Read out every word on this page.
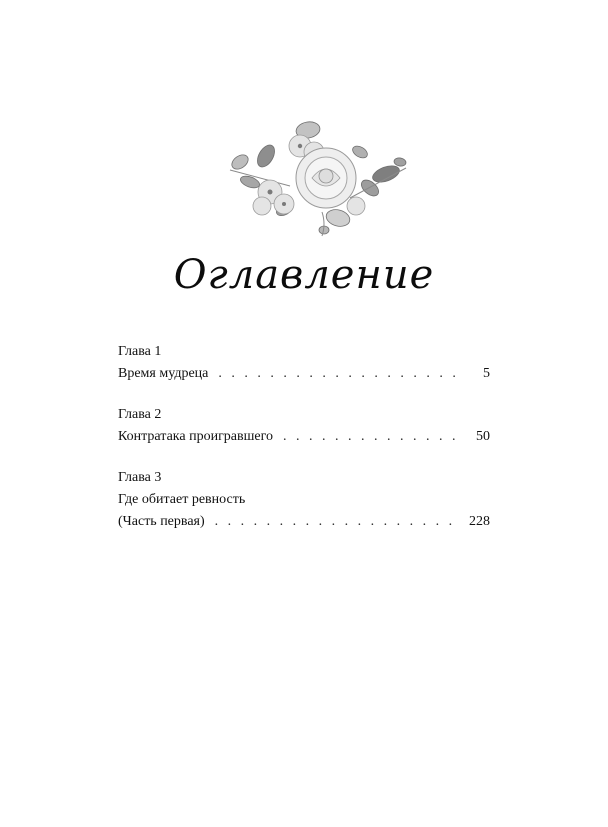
Оглавление
Глава 1
Время мудреца . . .	5
Глава 2
Контратака проигравшего . . .	50
Глава 3
Где обитает ревность
(Часть первая) . . .	228
